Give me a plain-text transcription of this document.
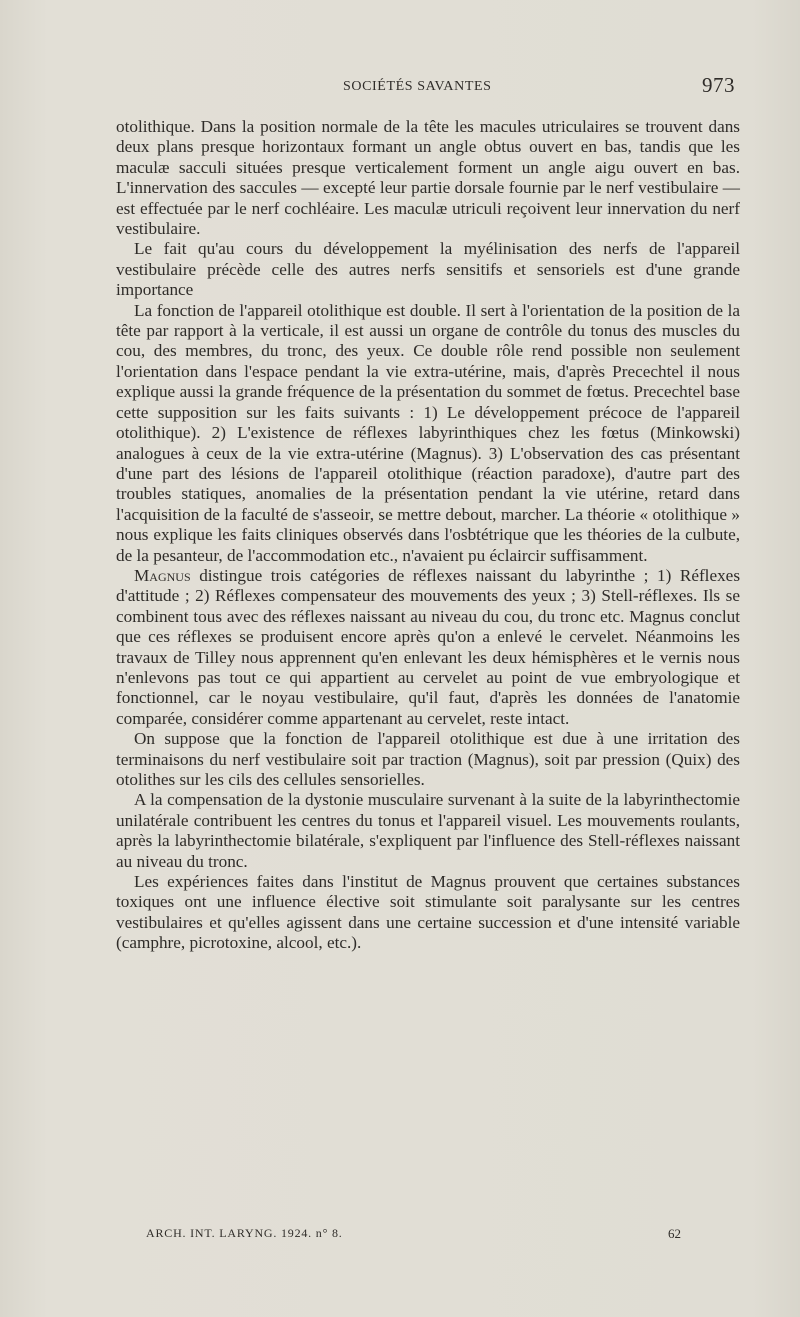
SOCIÉTÉS SAVANTES	973

otolithique. Dans la position normale de la tête les macules utriculaires se trouvent dans deux plans presque horizontaux formant un angle obtus ouvert en bas, tandis que les maculæ sacculi situées presque verticalement forment un angle aigu ouvert en bas. L'innervation des saccules — excepté leur partie dorsale fournie par le nerf vestibulaire — est effectuée par le nerf cochléaire. Les maculæ utriculi reçoivent leur innervation du nerf vestibulaire.

Le fait qu'au cours du développement la myélinisation des nerfs de l'appareil vestibulaire précède celle des autres nerfs sensitifs et sensoriels est d'une grande importance

La fonction de l'appareil otolithique est double. Il sert à l'orientation de la position de la tête par rapport à la verticale, il est aussi un organe de contrôle du tonus des muscles du cou, des membres, du tronc, des yeux. Ce double rôle rend possible non seulement l'orientation dans l'espace pendant la vie extra-utérine, mais, d'après Precechtel il nous explique aussi la grande fréquence de la présentation du sommet de fœtus. Precechtel base cette supposition sur les faits suivants : 1) Le développement précoce de l'appareil otolithique). 2) L'existence de réflexes labyrinthiques chez les fœtus (Minkowski) analogues à ceux de la vie extra-utérine (Magnus). 3) L'observation des cas présentant d'une part des lésions de l'appareil otolithique (réaction paradoxe), d'autre part des troubles statiques, anomalies de la présentation pendant la vie utérine, retard dans l'acquisition de la faculté de s'asseoir, se mettre debout, marcher. La théorie « otolithique » nous explique les faits cliniques observés dans l'osbtétrique que les théories de la culbute, de la pesanteur, de l'accommodation etc., n'avaient pu éclaircir suffisamment.

Magnus distingue trois catégories de réflexes naissant du labyrinthe ; 1) Réflexes d'attitude ; 2) Réflexes compensateur des mouvements des yeux ; 3) Stell-réflexes. Ils se combinent tous avec des réflexes naissant au niveau du cou, du tronc etc. Magnus conclut que ces réflexes se produisent encore après qu'on a enlevé le cervelet. Néanmoins les travaux de Tilley nous apprennent qu'en enlevant les deux hémisphères et le vernis nous n'enlevons pas tout ce qui appartient au cervelet au point de vue embryologique et fonctionnel, car le noyau vestibulaire, qu'il faut, d'après les données de l'anatomie comparée, considérer comme appartenant au cervelet, reste intact.

On suppose que la fonction de l'appareil otolithique est due à une irritation des terminaisons du nerf vestibulaire soit par traction (Magnus), soit par pression (Quix) des otolithes sur les cils des cellules sensorielles.

A la compensation de la dystonie musculaire survenant à la suite de la labyrinthectomie unilatérale contribuent les centres du tonus et l'appareil visuel. Les mouvements roulants, après la labyrinthectomie bilatérale, s'expliquent par l'influence des Stell-réflexes naissant au niveau du tronc.

Les expériences faites dans l'institut de Magnus prouvent que certaines substances toxiques ont une influence élective soit stimulante soit paralysante sur les centres vestibulaires et qu'elles agissent dans une certaine succession et d'une intensité variable (camphre, picrotoxine, alcool, etc.).

ARCH. INT. LARYNG. 1924. n° 8.	62
